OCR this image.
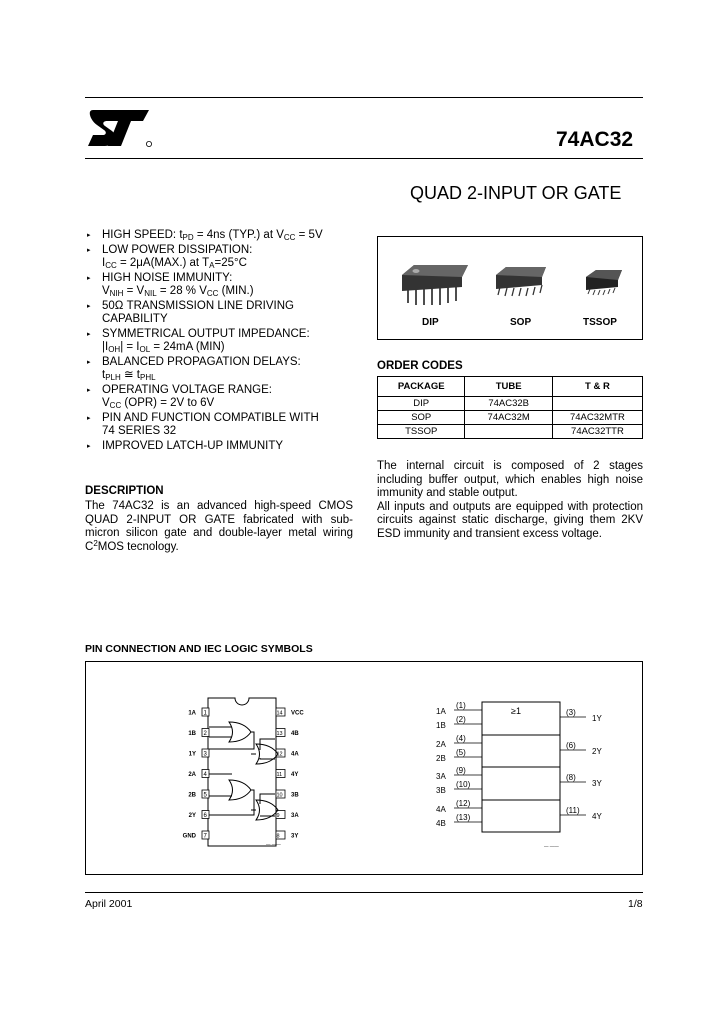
74AC32
QUAD 2-INPUT OR GATE
▸ HIGH SPEED: $t_{PD} = 4ns$ (TYP.) at $V_{CC} = 5V$
▸ LOW POWER DISSIPATION:
$I_{CC} = 2\mu A(MAX.)$ at $T_A=25^\circ C$
▸ HIGH NOISE IMMUNITY:
$V_{NIH} = V_{NIL} = 28$ % $V_{CC}$ (MIN.)
▸ 50Ω TRANSMISSION LINE DRIVING
CAPABILITY
▸ SYMMETRICAL OUTPUT IMPEDANCE:
$|I_{OH}| = I_{OL} = 24mA$ (MIN)
▸ BALANCED PROPAGATION DELAYS:
$t_{PLH}$ ≅ $t_{PHL}$
▸ OPERATING VOLTAGE RANGE:
$V_{CC}$ (OPR) = 2V to 6V
▸ PIN AND FUNCTION COMPATIBLE WITH
74 SERIES 32
▸ IMPROVED LATCH-UP IMMUNITY
DESCRIPTION
The 74AC32 is an advanced high-speed CMOS QUAD 2-INPUT OR GATE fabricated with sub-micron silicon gate and double-layer metal wiring $C^2MOS$ tecnology.
DIP	SOP	TSSOP
ORDER CODES
PACKAGE	TUBE	T & R
DIP	74AC32B	
SOP	74AC32M	74AC32MTR
TSSOP		74AC32TTR

The internal circuit is composed of 2 stages including buffer output, which enables high noise immunity and stable output.

All inputs and outputs are equipped with protection circuits against static discharge, giving them 2KV ESD immunity and transient excess voltage.

PIN CONNECTION AND IEC LOGIC SYMBOLS
1
1A
2
1B
3
1Y
4
2A
5
2B
6
2Y
7
GND
14 VCC
13 4B
12 4A
11 4Y
10 3B
9 3A
8 3Y
— ——
≥1
1A
(1)
1B
(2)
2A
(4)
2B
(5)
3A
(9)
3B
(10)
4A
(12)
4B
(13)
(3)
1Y
(6)
2Y
(8)
3Y
(11)
4Y
— ——
April 2001	1/8
